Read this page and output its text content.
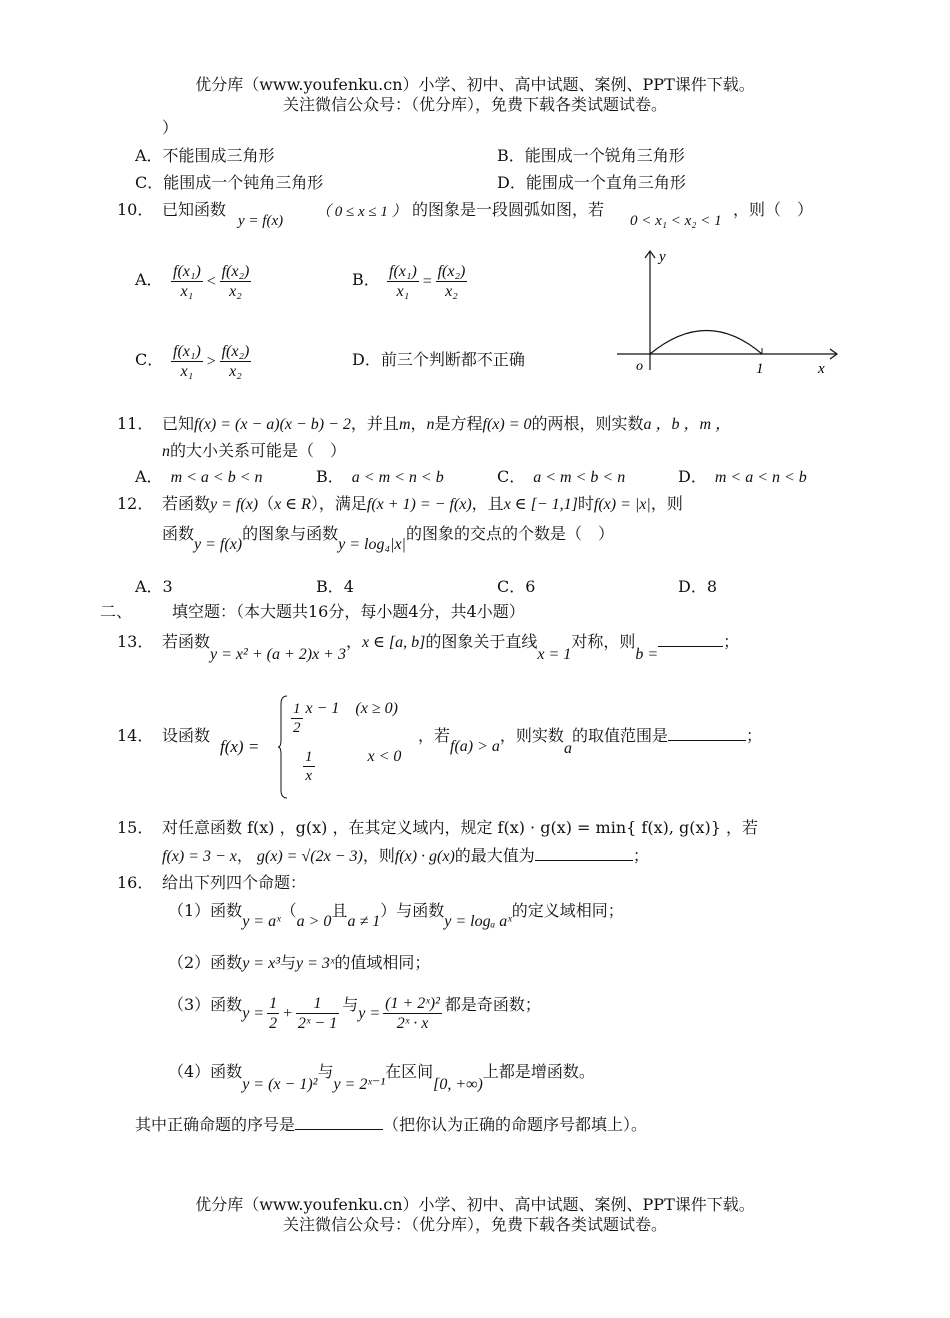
优分库（www.youfenku.cn）小学、初中、高中试题、案例、PPT课件下载。
关注微信公众号：（优分库），免费下载各类试题试卷。
）
A．不能围成三角形	B．能围成一个锐角三角形
C．能围成一个钝角三角形	D．能围成一个直角三角形
10． 已知函数
y = f(x)
（ 0 ≤ x ≤ 1 ） 的图象是一段圆弧如图，若
0 < x₁ < x₂ < 1
，则（　）
A． $\frac{\text{f(x₁)}}{\text{x₁}} < \frac{\text{f(x₂)}}{\text{x₂}}$	B． $\frac{\text{f(x₁)}}{\text{x₁}} = \frac{\text{f(x₂)}}{\text{x₂}}$
C． $\frac{\text{f(x₁)}}{\text{x₁}} > \frac{\text{f(x₂)}}{\text{x₂}}$	D．前三个判断都不正确
y
x
o	1
11． 已知f(x) = (x − a)(x − b) − 2，并且m，n是方程f(x) = 0的两根，则实数a ，b ，m ，
n的大小关系可能是（　）
A． m < a < b < n	B． a < m < n < b	C． a < m < b < n	D． m < a < n < b
12． 若函数y = f(x)（x ∈ R），满足f(x + 1) = − f(x)，且x ∈ [− 1,1]时f(x) = |x|，则
函数y = f(x)的图象与函数y = log₄|x|的图象的交点的个数是（　）
A．3	B．4	C．6	D．8
二、 填空题：（本大题共16分，每小题4分，共4小题）
13． 若函数y = x² + (a + 2)x + 3，x ∈ [a, b]的图象关于直线x = 1对称，则b =；
14． 设函数
f(x) =
$\frac{1}{2}$ x − 1　(x ≥ 0)
$\frac{1}{x}$	x < 0
，若f(a) > a，则实数a的取值范围是	；
15． 对任意函数 f(x) ，g(x) ，在其定义域内，规定 f(x) · g(x) = min{ f(x), g(x)} ，若
f(x) = 3 − x， g(x) = √(2x − 3)，则f(x) · g(x)的最大值为	；
16． 给出下列四个命题：
（1）函数y = aˣ（a > 0且a ≠ 1）与函数y = logₐ aˣ的定义域相同；
（2）函数y = x³与y = 3ˣ的值域相同；
（3）函数$y = \frac{1}{2} + \frac{1}{\text{2ˣ − 1}}$ 与$y = \frac{\text{(1 + 2ˣ)²}}{\text{2ˣ · x}}$ 都是奇函数；
（4）函数y = (x − 1)²与y = 2ˣ⁻¹在区间[0, +∞)上都是增函数。
其中正确命题的序号是	（把你认为正确的命题序号都填上）。
优分库（www.youfenku.cn）小学、初中、高中试题、案例、PPT课件下载。
关注微信公众号：（优分库），免费下载各类试题试卷。
